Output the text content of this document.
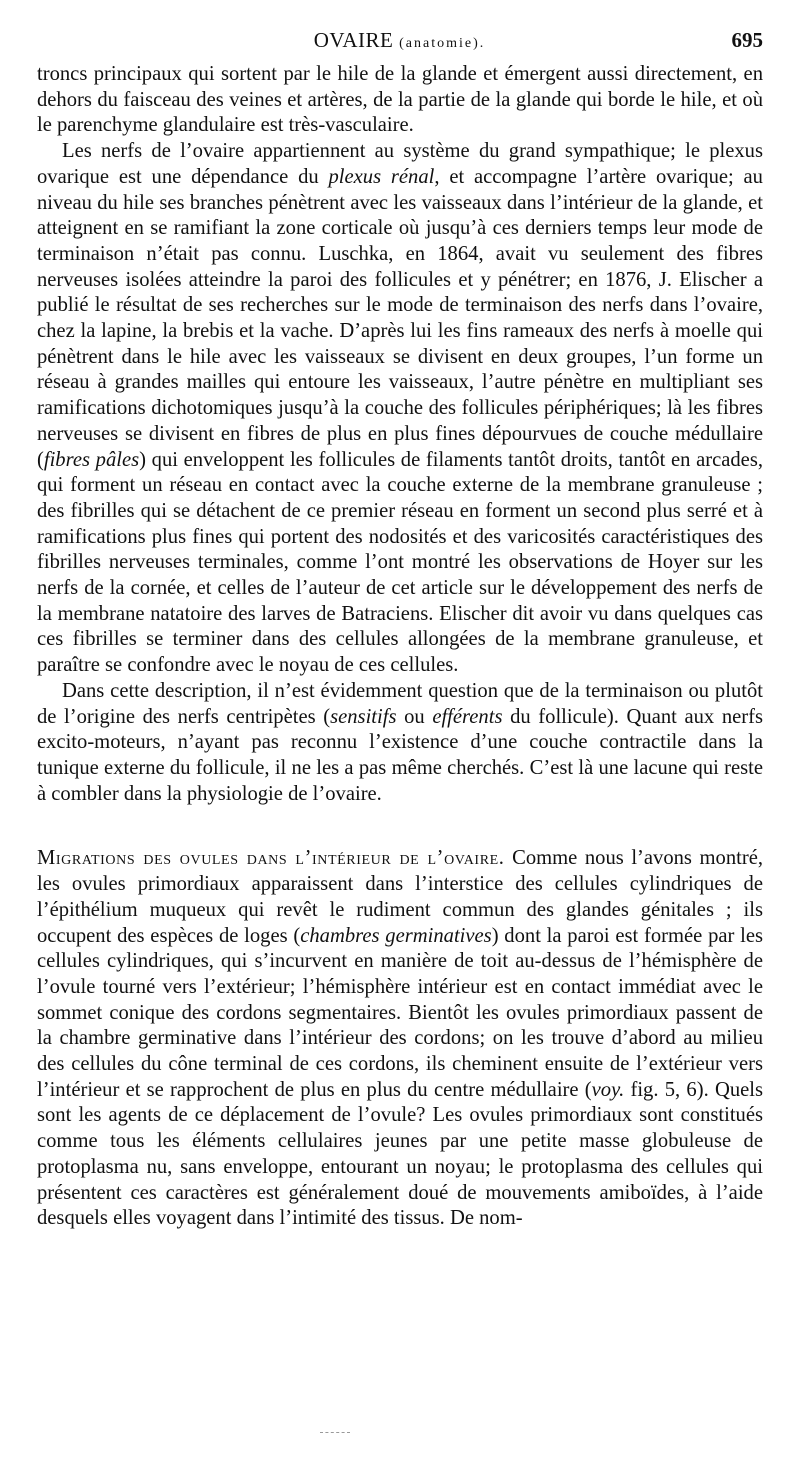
OVAIRE (anatomie).	695

troncs principaux qui sortent par le hile de la glande et émergent aussi directement, en dehors du faisceau des veines et artères, de la partie de la glande qui borde le hile, et où le parenchyme glandulaire est très-vasculaire.

Les nerfs de l’ovaire appartiennent au système du grand sympathique; le plexus ovarique est une dépendance du plexus rénal, et accompagne l’artère ovarique; au niveau du hile ses branches pénètrent avec les vaisseaux dans l’intérieur de la glande, et atteignent en se ramifiant la zone corticale où jusqu’à ces derniers temps leur mode de terminaison n’était pas connu. Luschka, en 1864, avait vu seulement des fibres nerveuses isolées atteindre la paroi des follicules et y pénétrer; en 1876, J. Elischer a publié le résultat de ses recherches sur le mode de terminaison des nerfs dans l’ovaire, chez la lapine, la brebis et la vache. D’après lui les fins rameaux des nerfs à moelle qui pénètrent dans le hile avec les vaisseaux se divisent en deux groupes, l’un forme un réseau à grandes mailles qui entoure les vaisseaux, l’autre pénètre en multipliant ses ramifications dichotomiques jusqu’à la couche des follicules périphériques; là les fibres nerveuses se divisent en fibres de plus en plus fines dépourvues de couche médullaire (fibres pâles) qui enveloppent les follicules de filaments tantôt droits, tantôt en arcades, qui forment un réseau en contact avec la couche externe de la membrane granuleuse ; des fibrilles qui se détachent de ce premier réseau en forment un second plus serré et à ramifications plus fines qui portent des nodosités et des varicosités caractéristiques des fibrilles nerveuses terminales, comme l’ont montré les observations de Hoyer sur les nerfs de la cornée, et celles de l’auteur de cet article sur le développement des nerfs de la membrane natatoire des larves de Batraciens. Elischer dit avoir vu dans quelques cas ces fibrilles se terminer dans des cellules allongées de la membrane granuleuse, et paraître se confondre avec le noyau de ces cellules.

Dans cette description, il n’est évidemment question que de la terminaison ou plutôt de l’origine des nerfs centripètes (sensitifs ou efférents du follicule). Quant aux nerfs excito-moteurs, n’ayant pas reconnu l’existence d’une couche contractile dans la tunique externe du follicule, il ne les a pas même cherchés. C’est là une lacune qui reste à combler dans la physiologie de l’ovaire.

Migrations des ovules dans l’intérieur de l’ovaire. Comme nous l’avons montré, les ovules primordiaux apparaissent dans l’interstice des cellules cylindriques de l’épithélium muqueux qui revêt le rudiment commun des glandes génitales ; ils occupent des espèces de loges (chambres germinatives) dont la paroi est formée par les cellules cylindriques, qui s’incurvent en manière de toit au-dessus de l’hémisphère de l’ovule tourné vers l’extérieur; l’hémisphère intérieur est en contact immédiat avec le sommet conique des cordons segmentaires. Bientôt les ovules primordiaux passent de la chambre germinative dans l’intérieur des cordons; on les trouve d’abord au milieu des cellules du cône terminal de ces cordons, ils cheminent ensuite de l’extérieur vers l’intérieur et se rapprochent de plus en plus du centre médullaire (voy. fig. 5, 6). Quels sont les agents de ce déplacement de l’ovule? Les ovules primordiaux sont constitués comme tous les éléments cellulaires jeunes par une petite masse globuleuse de protoplasma nu, sans enveloppe, entourant un noyau; le protoplasma des cellules qui présentent ces caractères est généralement doué de mouvements amiboïdes, à l’aide desquels elles voyagent dans l’intimité des tissus. De nom-
